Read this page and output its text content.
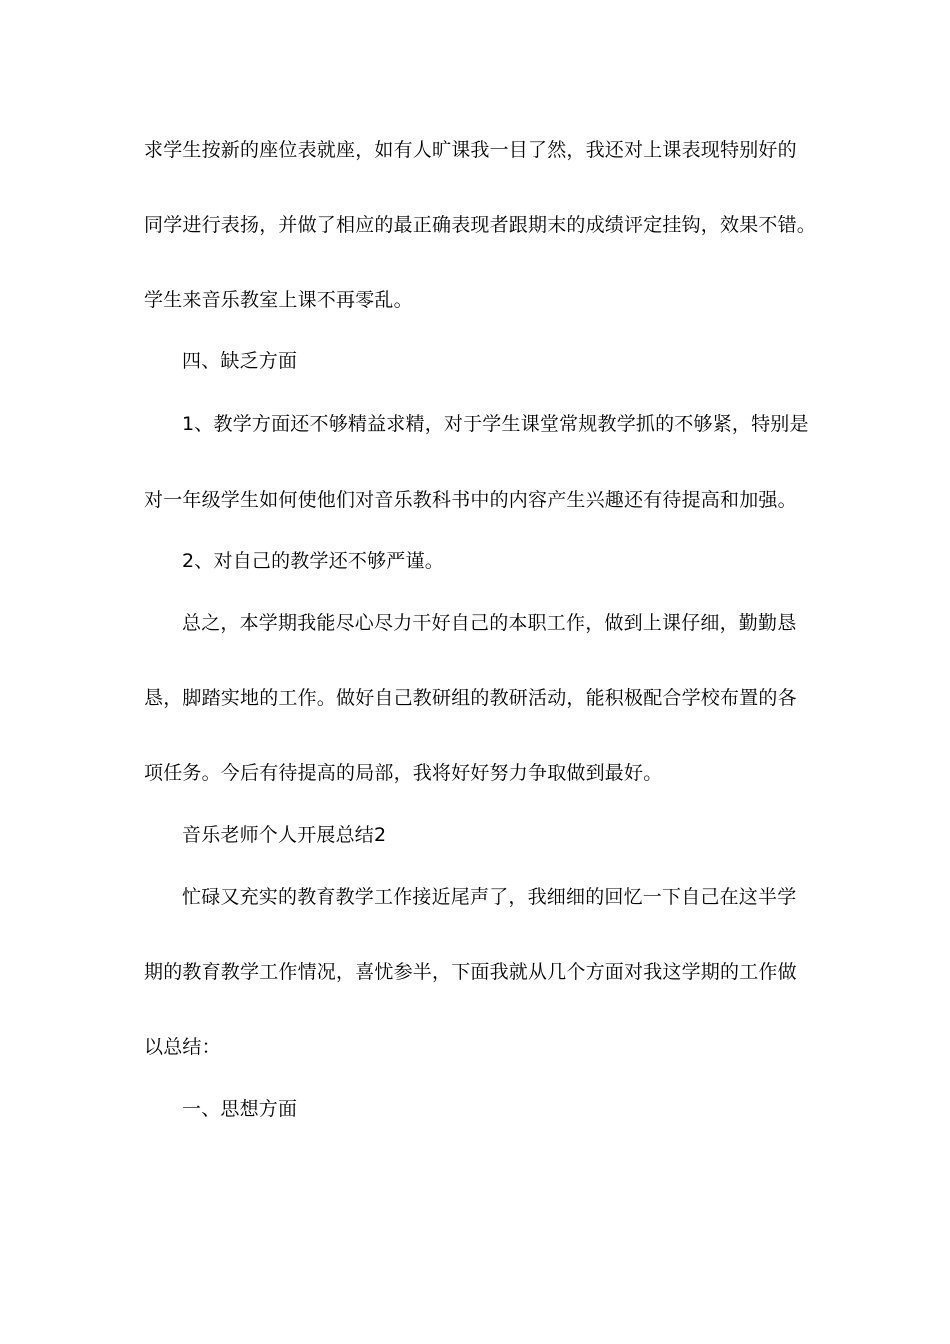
求学生按新的座位表就座，如有人旷课我一目了然，我还对上课表现特别好的
同学进行表扬，并做了相应的最正确表现者跟期末的成绩评定挂钩，效果不错。
学生来音乐教室上课不再零乱。
四、缺乏方面
1、教学方面还不够精益求精，对于学生课堂常规教学抓的不够紧，特别是
对一年级学生如何使他们对音乐教科书中的内容产生兴趣还有待提高和加强。
2、对自己的教学还不够严谨。
总之，本学期我能尽心尽力干好自己的本职工作，做到上课仔细，勤勤恳
恳，脚踏实地的工作。做好自己教研组的教研活动，能积极配合学校布置的各
项任务。今后有待提高的局部，我将好好努力争取做到最好。
音乐老师个人开展总结2
忙碌又充实的教育教学工作接近尾声了，我细细的回忆一下自己在这半学
期的教育教学工作情况，喜忧参半，下面我就从几个方面对我这学期的工作做
以总结：
一、思想方面
